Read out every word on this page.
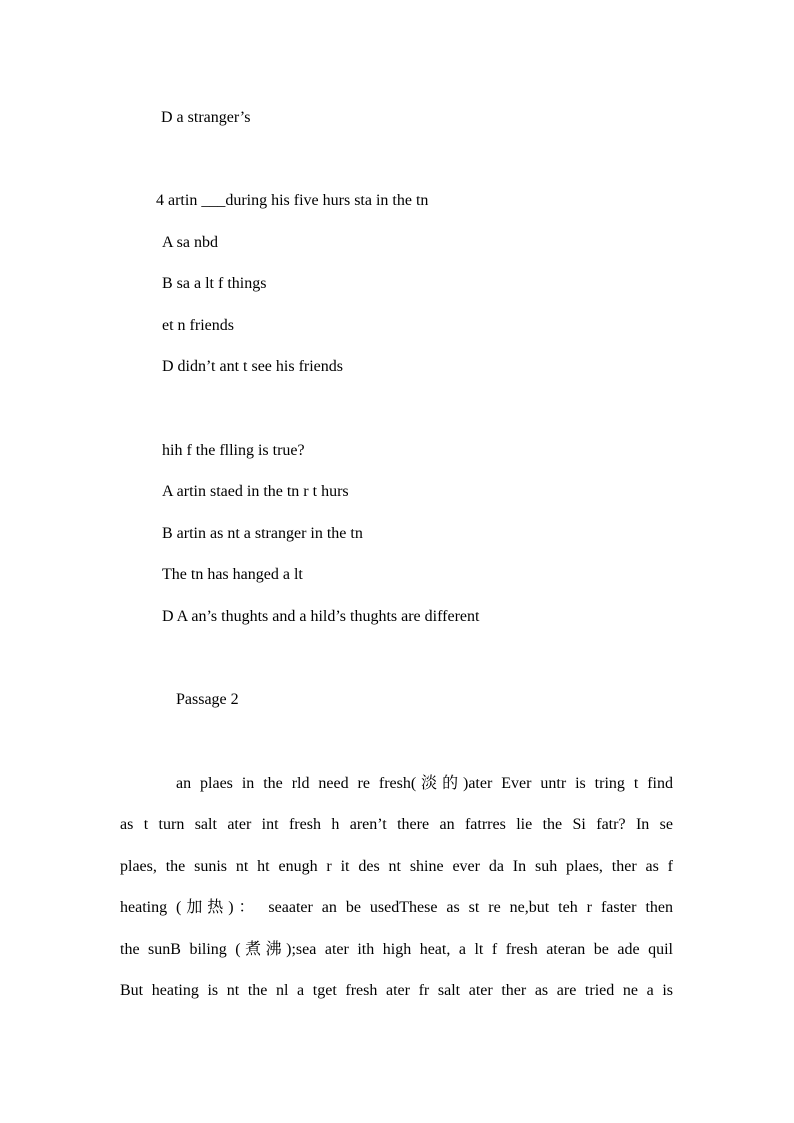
D a stranger’s
4 artin ___during his five hurs sta in the tn
A sa nbd
B sa a lt f things
et n friends
D didn’t ant t see his friends
hih f the flling is true?
A artin staed in the tn r t hurs
B artin as nt a stranger in the tn
The tn has hanged a lt
D A an’s thughts and a hild’s thughts are different
Passage 2
an plaes in the rld need re fresh(淡的)ater Ever untr is tring t find
as t turn salt ater int fresh h aren’t there an fatrres lie the Si fatr? In se
plaes, the sunis nt ht enugh r it des nt shine ever da In suh plaes, ther as f
heating (加热)： seaater an be usedThese as st re ne,but teh r faster then
the sunB biling (煮沸);sea ater ith high heat, a lt f fresh ateran be ade quil
But heating is nt the nl a tget fresh ater fr salt ater ther as are tried ne a is
